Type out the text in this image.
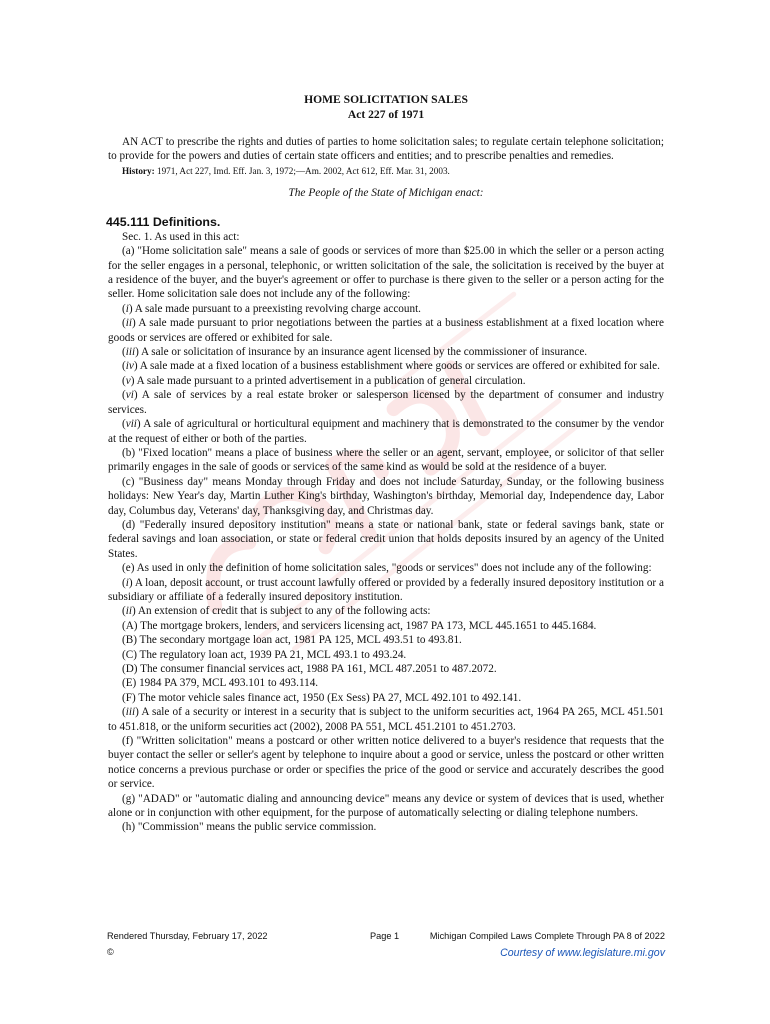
HOME SOLICITATION SALES
Act 227 of 1971

AN ACT to prescribe the rights and duties of parties to home solicitation sales; to regulate certain telephone solicitation; to provide for the powers and duties of certain state officers and entities; and to prescribe penalties and remedies.

History: 1971, Act 227, Imd. Eff. Jan. 3, 1972;—Am. 2002, Act 612, Eff. Mar. 31, 2003.
The People of the State of Michigan enact:
445.111 Definitions.

Sec. 1. As used in this act:

(a) "Home solicitation sale" means a sale of goods or services of more than $25.00 in which the seller or a person acting for the seller engages in a personal, telephonic, or written solicitation of the sale, the solicitation is received by the buyer at a residence of the buyer, and the buyer's agreement or offer to purchase is there given to the seller or a person acting for the seller. Home solicitation sale does not include any of the following:

(i) A sale made pursuant to a preexisting revolving charge account.

(ii) A sale made pursuant to prior negotiations between the parties at a business establishment at a fixed location where goods or services are offered or exhibited for sale.

(iii) A sale or solicitation of insurance by an insurance agent licensed by the commissioner of insurance.

(iv) A sale made at a fixed location of a business establishment where goods or services are offered or exhibited for sale.

(v) A sale made pursuant to a printed advertisement in a publication of general circulation.

(vi) A sale of services by a real estate broker or salesperson licensed by the department of consumer and industry services.

(vii) A sale of agricultural or horticultural equipment and machinery that is demonstrated to the consumer by the vendor at the request of either or both of the parties.

(b) "Fixed location" means a place of business where the seller or an agent, servant, employee, or solicitor of that seller primarily engages in the sale of goods or services of the same kind as would be sold at the residence of a buyer.

(c) "Business day" means Monday through Friday and does not include Saturday, Sunday, or the following business holidays: New Year's day, Martin Luther King's birthday, Washington's birthday, Memorial day, Independence day, Labor day, Columbus day, Veterans' day, Thanksgiving day, and Christmas day.

(d) "Federally insured depository institution" means a state or national bank, state or federal savings bank, state or federal savings and loan association, or state or federal credit union that holds deposits insured by an agency of the United States.

(e) As used in only the definition of home solicitation sales, "goods or services" does not include any of the following:

(i) A loan, deposit account, or trust account lawfully offered or provided by a federally insured depository institution or a subsidiary or affiliate of a federally insured depository institution.

(ii) An extension of credit that is subject to any of the following acts:

(A) The mortgage brokers, lenders, and servicers licensing act, 1987 PA 173, MCL 445.1651 to 445.1684.

(B) The secondary mortgage loan act, 1981 PA 125, MCL 493.51 to 493.81.

(C) The regulatory loan act, 1939 PA 21, MCL 493.1 to 493.24.

(D) The consumer financial services act, 1988 PA 161, MCL 487.2051 to 487.2072.

(E) 1984 PA 379, MCL 493.101 to 493.114.

(F) The motor vehicle sales finance act, 1950 (Ex Sess) PA 27, MCL 492.101 to 492.141.

(iii) A sale of a security or interest in a security that is subject to the uniform securities act, 1964 PA 265, MCL 451.501 to 451.818, or the uniform securities act (2002), 2008 PA 551, MCL 451.2101 to 451.2703.

(f) "Written solicitation" means a postcard or other written notice delivered to a buyer's residence that requests that the buyer contact the seller or seller's agent by telephone to inquire about a good or service, unless the postcard or other written notice concerns a previous purchase or order or specifies the price of the good or service and accurately describes the good or service.

(g) "ADAD" or "automatic dialing and announcing device" means any device or system of devices that is used, whether alone or in conjunction with other equipment, for the purpose of automatically selecting or dialing telephone numbers.

(h) "Commission" means the public service commission.

Rendered Thursday, February 17, 2022	Page 1	Michigan Compiled Laws Complete Through PA 8 of 2022
©	Courtesy of www.legislature.mi.gov
